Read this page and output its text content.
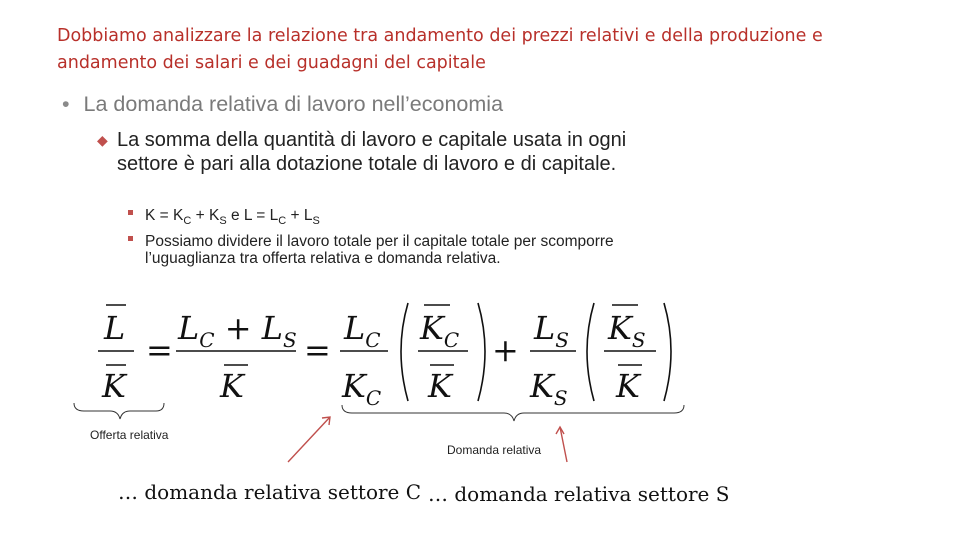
Dobbiamo analizzare la relazione tra andamento dei prezzi relativi e della produzione e andamento dei salari e dei guadagni del capitale
• La domanda relativa di lavoro nell’economia
◆ La somma della quantità di lavoro e capitale usata in ogni settore è pari alla dotazione totale di lavoro e di capitale.
$K = K_C + K_S$ e $L = L_C + L_S$
Possiamo dividere il lavoro totale per il capitale totale per scomporre l’uguaglianza tra offerta relativa e domanda relativa.
L
K
=
$L_C + L_S$
K
=
$L_C$
$K_C$
$K_C$
K
+
$L_S$
$K_S$
$K_S$
K
Offerta relativa
Domanda relativa
… domanda relativa settore C … domanda relativa settore S
